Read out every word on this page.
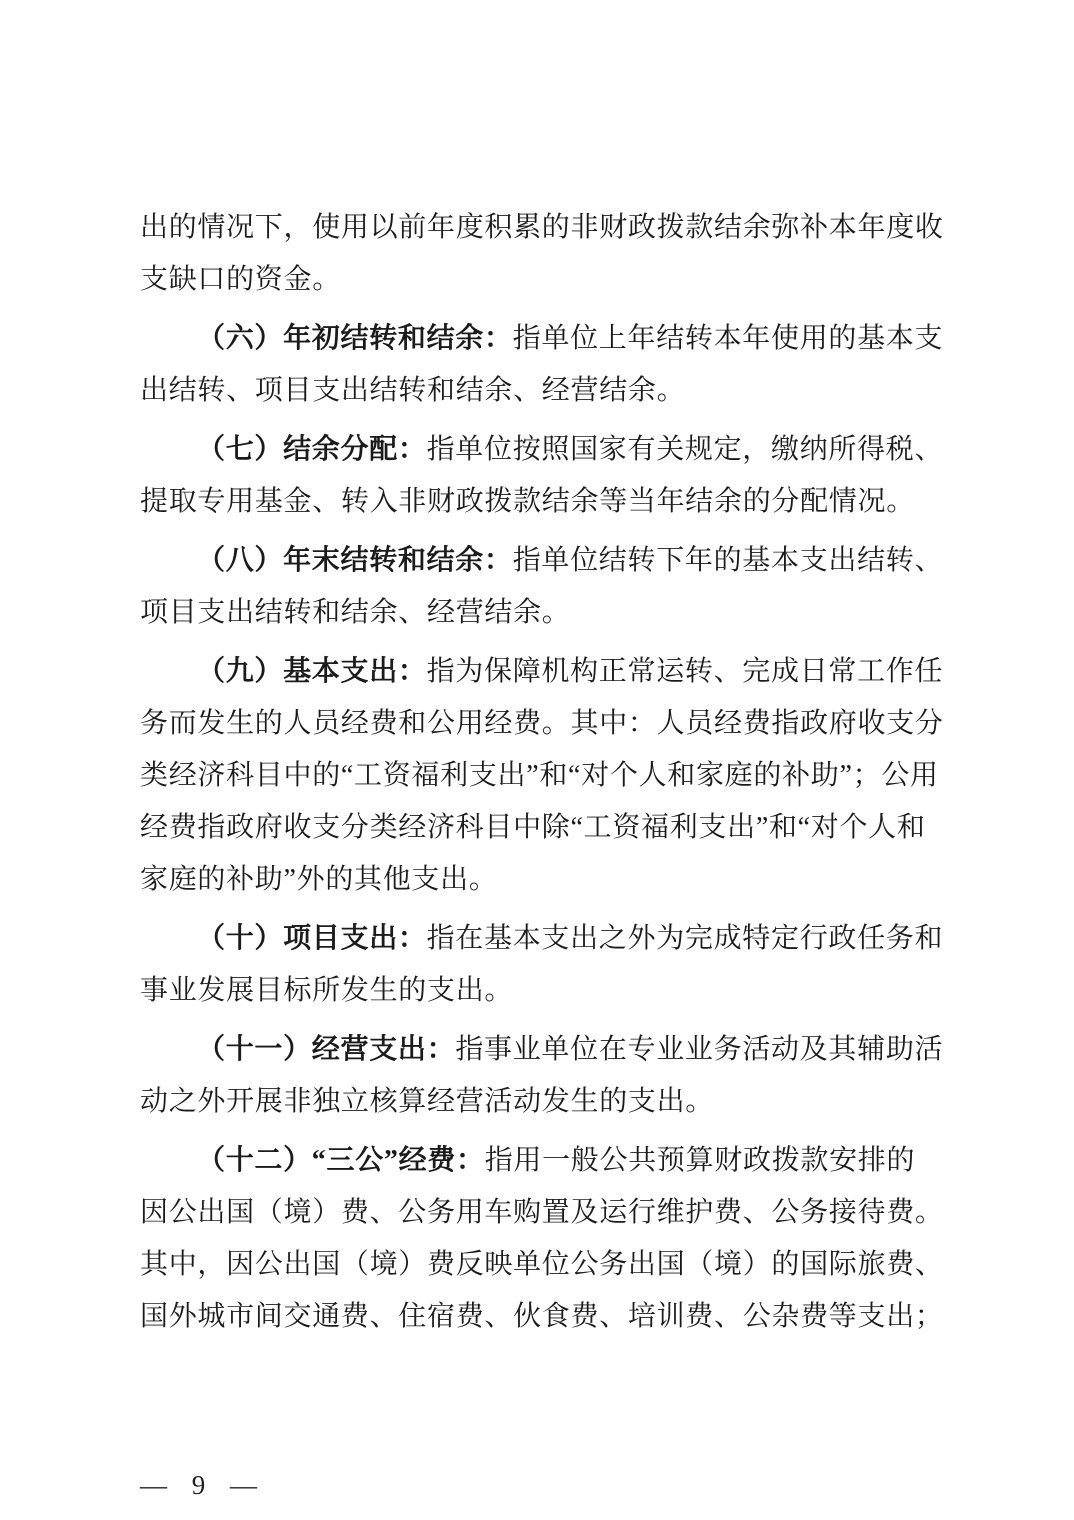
出的情况下，使用以前年度积累的非财政拨款结余弥补本年度收
支缺口的资金。
（六）年初结转和结余：指单位上年结转本年使用的基本支
出结转、项目支出结转和结余、经营结余。
（七）结余分配：指单位按照国家有关规定，缴纳所得税、
提取专用基金、转入非财政拨款结余等当年结余的分配情况。
（八）年末结转和结余：指单位结转下年的基本支出结转、
项目支出结转和结余、经营结余。
（九）基本支出：指为保障机构正常运转、完成日常工作任
务而发生的人员经费和公用经费。其中：人员经费指政府收支分
类经济科目中的“工资福利支出”和“对个人和家庭的补助”；公用
经费指政府收支分类经济科目中除“工资福利支出”和“对个人和
家庭的补助”外的其他支出。
（十）项目支出：指在基本支出之外为完成特定行政任务和
事业发展目标所发生的支出。
（十一）经营支出：指事业单位在专业业务活动及其辅助活
动之外开展非独立核算经营活动发生的支出。
（十二）“三公”经费：指用一般公共预算财政拨款安排的
因公出国（境）费、公务用车购置及运行维护费、公务接待费。
其中，因公出国（境）费反映单位公务出国（境）的国际旅费、
国外城市间交通费、住宿费、伙食费、培训费、公杂费等支出；
— 9 —
